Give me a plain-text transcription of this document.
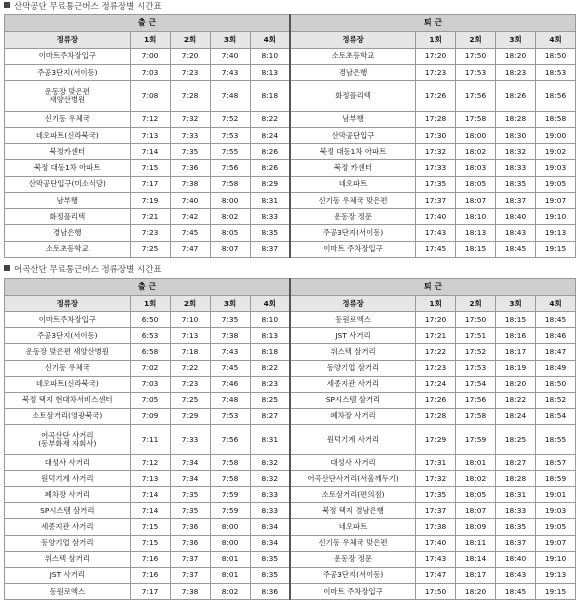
산막공단 무료통근버스 정류장별 시간표
출 근					퇴 근				
정류장	1회	2회	3회	4회	정류장	1회	2회	3회	4회
이마트주차장입구	7:00	7:20	7:40	8:10	소토초등학교	17:20	17:50	18:20	18:50
주공3단지(서이동)	7:03	7:23	7:43	8:13	경남은행	17:23	17:53	18:23	18:53
운동장 맞은편
새양산병원	7:08	7:28	7:48	8:18	화정플리텍	17:26	17:56	18:26	18:56
신기동 우체국	7:12	7:32	7:52	8:22	남부행	17:28	17:58	18:28	18:58
네오파트(신라북국)	7:13	7:33	7:53	8:24	산막공단입구	17:30	18:00	18:30	19:00
북정카센터	7:14	7:35	7:55	8:26	북정 대동1차 아파트	17:32	18:02	18:32	19:02
북정 대동1차 아파트	7:15	7:36	7:56	8:26	북정 카센터	17:33	18:03	18:33	19:03
산막공단입구(미소식당)	7:17	7:38	7:58	8:29	네오파트	17:35	18:05	18:35	19:05
남부행	7:19	7:40	8:00	8:31	신기동 우체국 맞은편	17:37	18:07	18:37	19:07
화정플리텍	7:21	7:42	8:02	8:33	운동장 정문	17:40	18:10	18:40	19:10
경남은행	7:23	7:45	8:05	8:35	주공3단지(서이동)	17:43	18:13	18:43	19:13
소토초등학교	7:25	7:47	8:07	8:37	이마트 주차장입구	17:45	18:15	18:45	19:15
어곡산단 무료통근버스 정류장별 시간표
출 근					퇴 근				
정류장	1회	2회	3회	4회	정류장	1회	2회	3회	4회
이마트주차장입구	6:50	7:10	7:35	8:10	동원로엑스	17:20	17:50	18:15	18:45
주공3단지(서이동)	6:53	7:13	7:38	8:13	JST 사거리	17:21	17:51	18:16	18:46
운동장 맞은편 새양산병원	6:58	7:18	7:43	8:18	위스텍 삼거리	17:22	17:52	18:17	18:47
신기동 우체국	7:02	7:22	7:45	8:22	동양기업 삼거리	17:23	17:53	18:19	18:49
네오파트(신라북국)	7:03	7:23	7:46	8:23	세종지관 사거리	17:24	17:54	18:20	18:50
북정 택지 현대차서비스센터	7:05	7:25	7:48	8:25	SP시스템 삼거리	17:26	17:56	18:22	18:52
소토삼거리(영광북국)	7:09	7:29	7:53	8:27	폐차장 사거리	17:28	17:58	18:24	18:54
어곡산단 사거리
(동부화재 자회사)	7:11	7:33	7:56	8:31	원덕기계 사거리	17:29	17:59	18:25	18:55
대성사 사거리	7:12	7:34	7:58	8:32	대성사 사거리	17:31	18:01	18:27	18:57
원덕기계 사거리	7:13	7:34	7:58	8:32	어곡산단사거리(서울깨두기)	17:32	18:02	18:28	18:59
폐차장 사거리	7:14	7:35	7:59	8:33	소토삼거리(편의점)	17:35	18:05	18:31	19:01
SP시스템 삼거리	7:14	7:35	7:59	8:33	북정 택지 경남은행	17:37	18:07	18:33	19:03
세종지관 사거리	7:15	7:36	8:00	8:34	네오파트	17:38	18:09	18:35	19:05
동양기업 삼거리	7:15	7:36	8:00	8:34	신기동 우체국 맞은편	17:40	18:11	18:37	19:07
위스텍 삼거리	7:16	7:37	8:01	8:35	운동장 정문	17:43	18:14	18:40	19:10
JST 사거리	7:16	7:37	8:01	8:35	주공3단지(서이동)	17:47	18:17	18:43	19:13
동원로엑스	7:17	7:38	8:02	8:36	이마트 주차장입구	17:50	18:20	18:45	19:15
